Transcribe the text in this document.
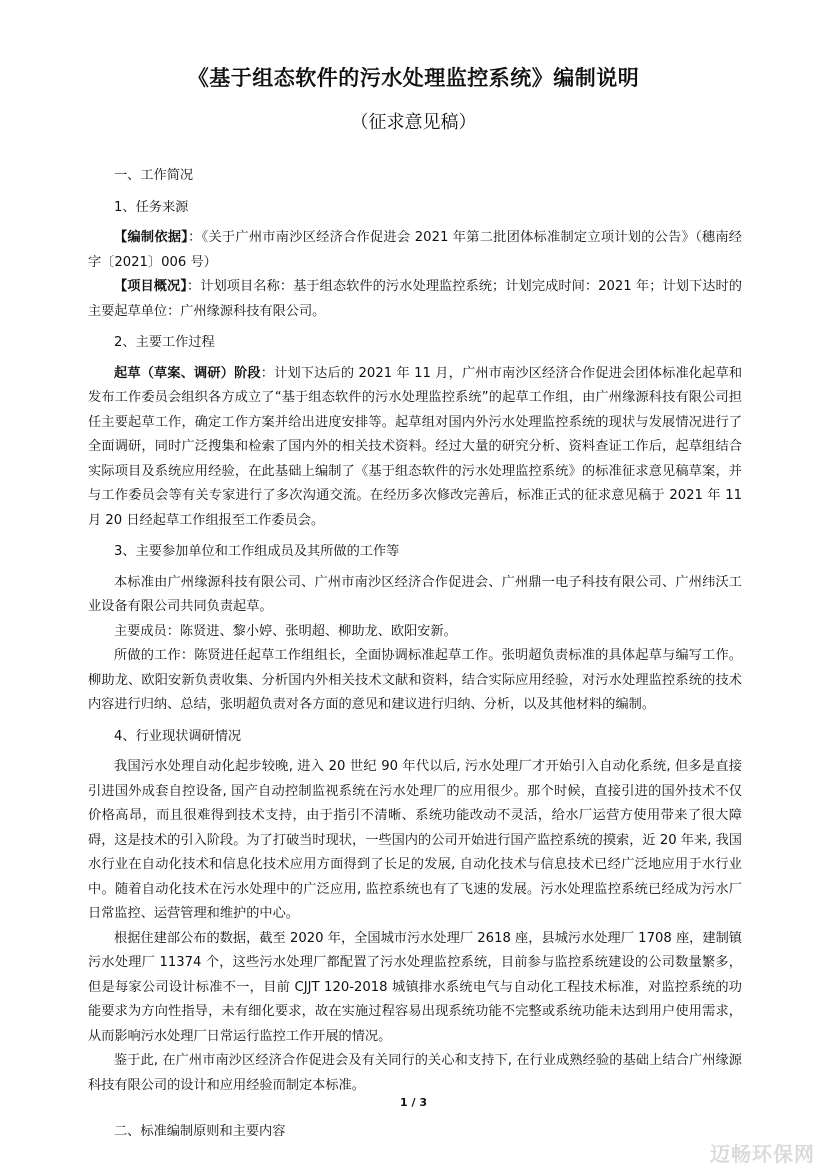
《基于组态软件的污水处理监控系统》编制说明
（征求意见稿）

一、工作简况

1、任务来源

【编制依据】：《关于广州市南沙区经济合作促进会 2021 年第二批团体标准制定立项计划的公告》（穗南经字〔2021〕006 号）

【项目概况】：计划项目名称：基于组态软件的污水处理监控系统；计划完成时间：2021 年；计划下达时的主要起草单位：广州缘源科技有限公司。

2、主要工作过程

起草（草案、调研）阶段：计划下达后的 2021 年 11 月，广州市南沙区经济合作促进会团体标准化起草和发布工作委员会组织各方成立了“基于组态软件的污水处理监控系统”的起草工作组，由广州缘源科技有限公司担任主要起草工作，确定工作方案并给出进度安排等。起草组对国内外污水处理监控系统的现状与发展情况进行了全面调研，同时广泛搜集和检索了国内外的相关技术资料。经过大量的研究分析、资料查证工作后，起草组结合实际项目及系统应用经验，在此基础上编制了《基于组态软件的污水处理监控系统》的标准征求意见稿草案，并与工作委员会等有关专家进行了多次沟通交流。在经历多次修改完善后，标准正式的征求意见稿于 2021 年 11 月 20 日经起草工作组报至工作委员会。

3、主要参加单位和工作组成员及其所做的工作等

本标准由广州缘源科技有限公司、广州市南沙区经济合作促进会、广州鼎一电子科技有限公司、广州纬沃工业设备有限公司共同负责起草。

主要成员：陈贤进、黎小婷、张明超、柳助龙、欧阳安新。

所做的工作：陈贤进任起草工作组组长，全面协调标准起草工作。张明超负责标准的具体起草与编写工作。柳助龙、欧阳安新负责收集、分析国内外相关技术文献和资料，结合实际应用经验，对污水处理监控系统的技术内容进行归纳、总结，张明超负责对各方面的意见和建议进行归纳、分析，以及其他材料的编制。

4、行业现状调研情况

我国污水处理自动化起步较晚, 进入 20 世纪 90 年代以后, 污水处理厂才开始引入自动化系统, 但多是直接引进国外成套自控设备, 国产自动控制监视系统在污水处理厂的应用很少。那个时候，直接引进的国外技术不仅价格高昂，而且很难得到技术支持，由于指引不清晰、系统功能改动不灵活，给水厂运营方使用带来了很大障碍，这是技术的引入阶段。为了打破当时现状，一些国内的公司开始进行国产监控系统的摸索，近 20 年来, 我国水行业在自动化技术和信息化技术应用方面得到了长足的发展, 自动化技术与信息技术已经广泛地应用于水行业中。随着自动化技术在污水处理中的广泛应用, 监控系统也有了飞速的发展。污水处理监控系统已经成为污水厂日常监控、运营管理和维护的中心。

根据住建部公布的数据，截至 2020 年，全国城市污水处理厂 2618 座，县城污水处理厂 1708 座，建制镇污水处理厂 11374 个，这些污水处理厂都配置了污水处理监控系统，目前参与监控系统建设的公司数量繁多，但是每家公司设计标准不一，目前 CJJT 120-2018 城镇排水系统电气与自动化工程技术标准，对监控系统的功能要求为方向性指导，未有细化要求，故在实施过程容易出现系统功能不完整或系统功能未达到用户使用需求，从而影响污水处理厂日常运行监控工作开展的情况。

鉴于此, 在广州市南沙区经济合作促进会及有关同行的关心和支持下, 在行业成熟经验的基础上结合广州缘源科技有限公司的设计和应用经验而制定本标准。

二、标准编制原则和主要内容

1 / 3
迈畅环保网
